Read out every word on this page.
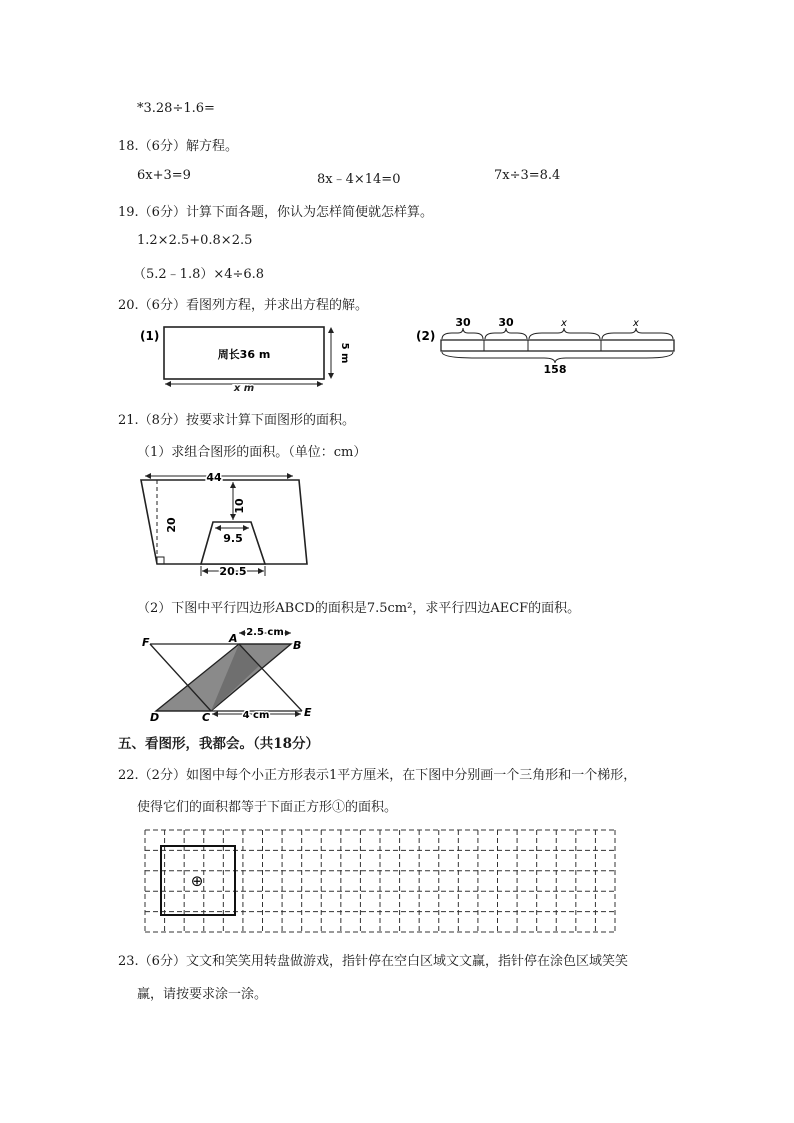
*3.28÷1.6=
18.（6分）解方程。
6x+3=9	8x﹣4×14=0	7x÷3=8.4
19.（6分）计算下面各题，你认为怎样简便就怎样算。
1.2×2.5+0.8×2.5
（5.2﹣1.8）×4÷6.8
20.（6分）看图列方程，并求出方程的解。
(1)
周长36 m	5 m
x m
(2)
30	30	x	x
158
21.（8分）按要求计算下面图形的面积。
（1）求组合图形的面积。（单位：cm）
44
20
10
9.5
20.5
（2）下图中平行四边形ABCD的面积是7.5cm²，求平行四边AECF的面积。
2.5 cm
4 cm
F	A
B
D	C	E
五、看图形，我都会。（共18分）
22.（2分）如图中每个小正方形表示1平方厘米，在下图中分别画一个三角形和一个梯形，
使得它们的面积都等于下面正方形①的面积。
⊕
23.（6分）文文和笑笑用转盘做游戏，指针停在空白区域文文赢，指针停在涂色区域笑笑
赢，请按要求涂一涂。
